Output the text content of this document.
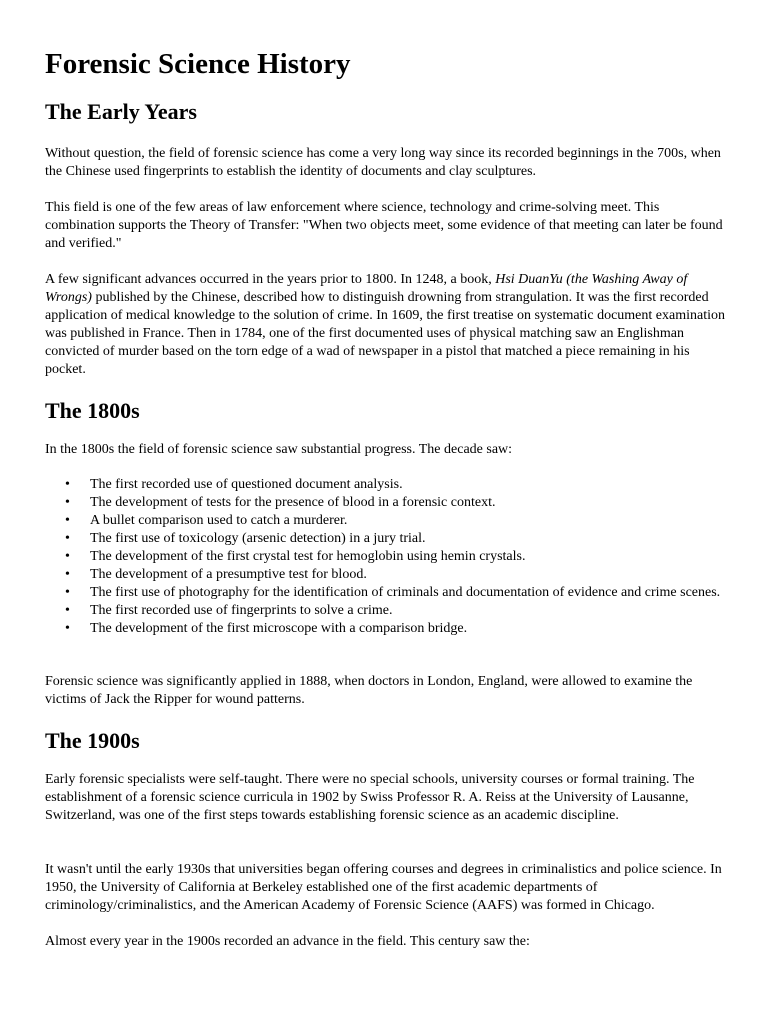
Forensic Science History
The Early Years

Without question, the field of forensic science has come a very long way since its recorded beginnings in the 700s, when the Chinese used fingerprints to establish the identity of documents and clay sculptures.

This field is one of the few areas of law enforcement where science, technology and crime-solving meet. This combination supports the Theory of Transfer: "When two objects meet, some evidence of that meeting can later be found and verified."

A few significant advances occurred in the years prior to 1800. In 1248, a book, Hsi DuanYu (the Washing Away of Wrongs) published by the Chinese, described how to distinguish drowning from strangulation. It was the first recorded application of medical knowledge to the solution of crime. In 1609, the first treatise on systematic document examination was published in France. Then in 1784, one of the first documented uses of physical matching saw an Englishman convicted of murder based on the torn edge of a wad of newspaper in a pistol that matched a piece remaining in his pocket.

The 1800s

In the 1800s the field of forensic science saw substantial progress. The decade saw:

• The first recorded use of questioned document analysis.
• The development of tests for the presence of blood in a forensic context.
• A bullet comparison used to catch a murderer.
• The first use of toxicology (arsenic detection) in a jury trial.
• The development of the first crystal test for hemoglobin using hemin crystals.
• The development of a presumptive test for blood.
• The first use of photography for the identification of criminals and documentation of evidence and crime scenes.
• The first recorded use of fingerprints to solve a crime.
• The development of the first microscope with a comparison bridge.

Forensic science was significantly applied in 1888, when doctors in London, England, were allowed to examine the victims of Jack the Ripper for wound patterns.

The 1900s

Early forensic specialists were self-taught. There were no special schools, university courses or formal training. The establishment of a forensic science curricula in 1902 by Swiss Professor R. A. Reiss at the University of Lausanne, Switzerland, was one of the first steps towards establishing forensic science as an academic discipline.

It wasn't until the early 1930s that universities began offering courses and degrees in criminalistics and police science. In 1950, the University of California at Berkeley established one of the first academic departments of criminology/criminalistics, and the American Academy of Forensic Science (AAFS) was formed in Chicago.

Almost every year in the 1900s recorded an advance in the field. This century saw the:
